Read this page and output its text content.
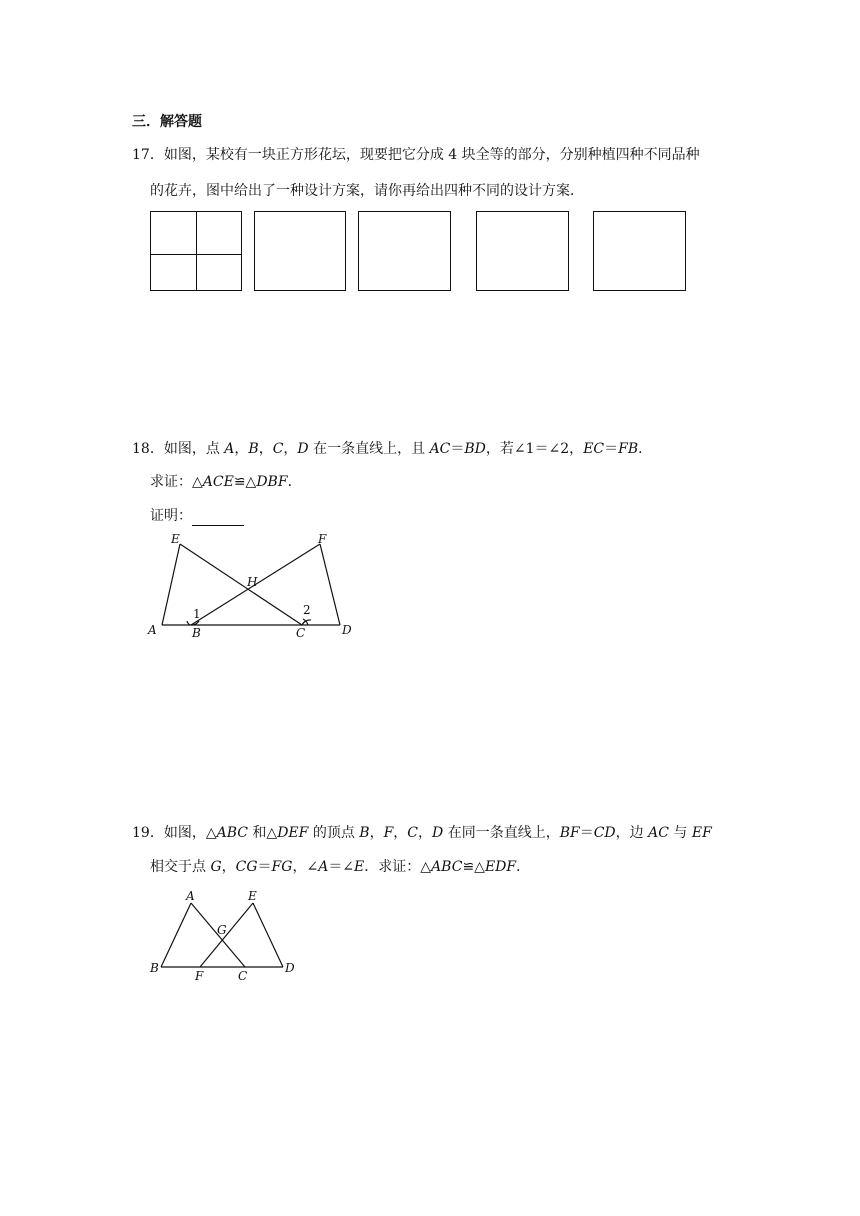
三．解答题
17．如图，某校有一块正方形花坛，现要把它分成 4 块全等的部分，分别种植四种不同品种
的花卉，图中给出了一种设计方案，请你再给出四种不同的设计方案．
18．如图，点 A，B，C，D 在一条直线上，且 AC＝BD，若∠1＝∠2，EC＝FB．
求证：△ACE≌△DBF．
证明：
E	F
H
A	B	C	D
1	2
19．如图，△ABC 和△DEF 的顶点 B，F，C，D 在同一条直线上，BF＝CD，边 AC 与 EF
相交于点 G，CG＝FG，∠A＝∠E．求证：△ABC≌△EDF．
A	E
G
B
F	C
D
